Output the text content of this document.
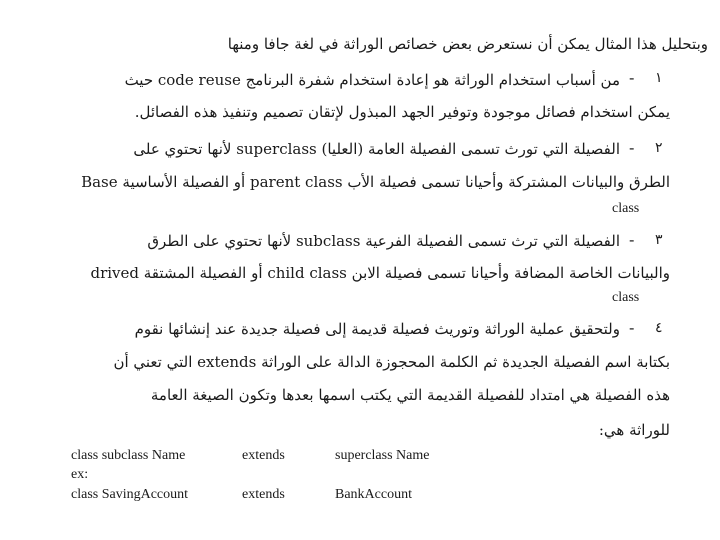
وبتحليل هذا المثال يمكن أن نستعرض بعض خصائص الوراثة في لغة جافا ومنها
١
-
من أسباب استخدام الوراثة هو إعادة استخدام شفرة البرنامج code reuse حيث
يمكن استخدام فصائل موجودة وتوفير الجهد المبذول لإتقان تصميم وتنفيذ هذه الفصائل.
٢
-
الفصيلة التي تورث تسمى الفصيلة العامة (العليا) superclass لأنها تحتوي على
الطرق والبيانات المشتركة وأحيانا تسمى فصيلة الأب parent class أو الفصيلة الأساسية Base
class
٣
-
الفصيلة التي ترث تسمى الفصيلة الفرعية subclass لأنها تحتوي على الطرق
والبيانات الخاصة المضافة وأحيانا تسمى فصيلة الابن child class أو الفصيلة المشتقة drived
class
٤
-
ولتحقيق عملية الوراثة وتوريث فصيلة قديمة إلى فصيلة جديدة عند إنشائها نقوم
بكتابة اسم الفصيلة الجديدة ثم الكلمة المحجوزة الدالة على الوراثة extends التي تعني أن
هذه الفصيلة هي امتداد للفصيلة القديمة التي يكتب اسمها بعدها وتكون الصيغة العامة
للوراثة هي:
class subclass Name	extends	superclass Name
ex:
class SavingAccount	extends	BankAccount
